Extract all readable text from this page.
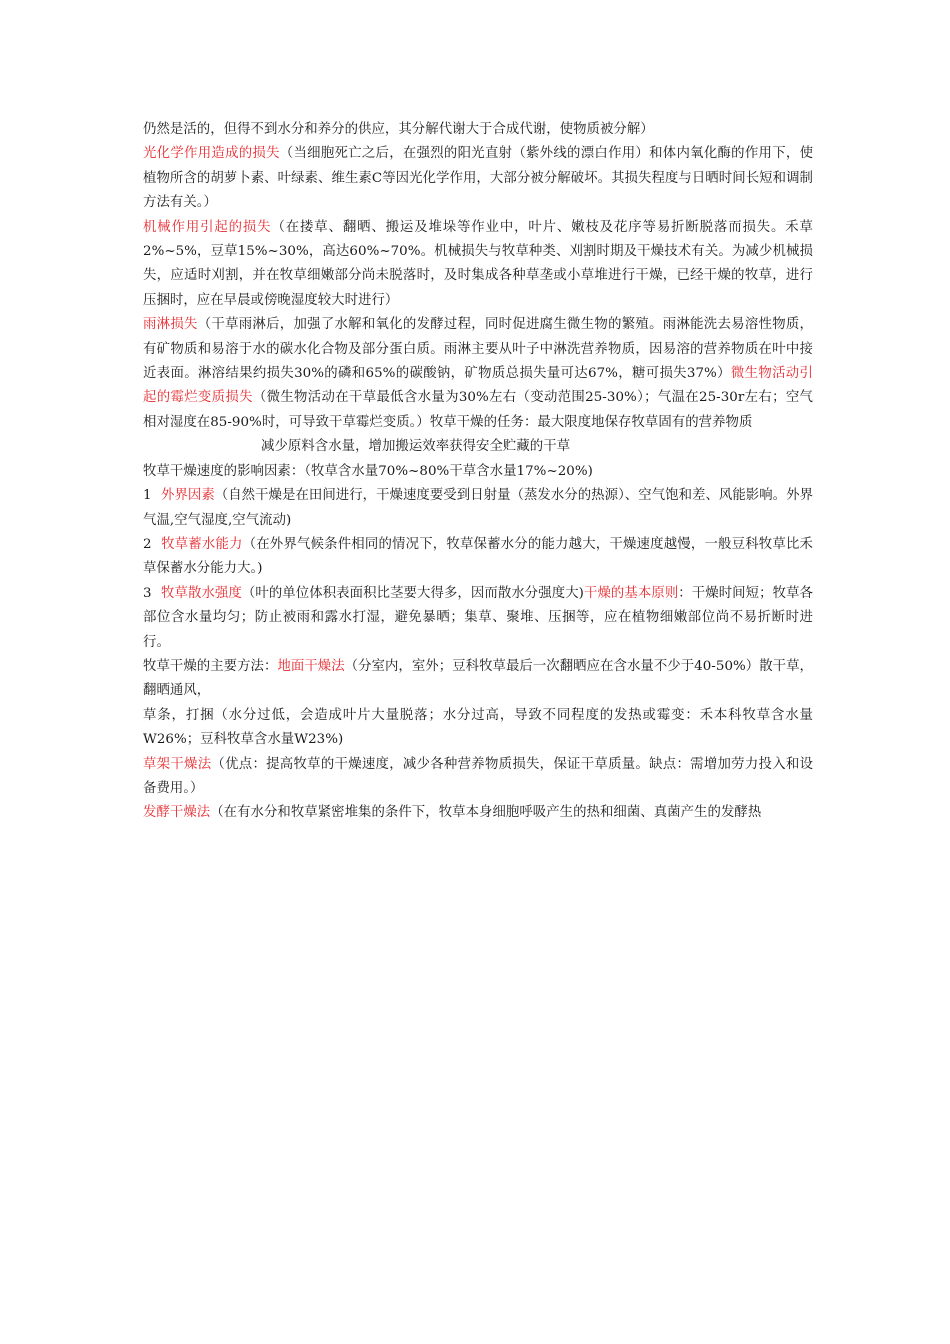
仍然是活的，但得不到水分和养分的供应，其分解代谢大于合成代谢，使物质被分解）

光化学作用造成的损失（当细胞死亡之后，在强烈的阳光直射（紫外线的漂白作用）和体内氧化酶的作用下，使植物所含的胡萝卜素、叶绿素、维生素C等因光化学作用，大部分被分解破坏。其损失程度与日晒时间长短和调制方法有关。）

机械作用引起的损失（在搂草、翻晒、搬运及堆垛等作业中，叶片、嫩枝及花序等易折断脱落而损失。禾草2%~5%，豆草15%~30%，高达60%~70%。机械损失与牧草种类、刈割时期及干燥技术有关。为减少机械损失，应适时刈割，并在牧草细嫩部分尚未脱落时，及时集成各种草垄或小草堆进行干燥，已经干燥的牧草，进行压捆时，应在早晨或傍晚湿度较大时进行）

雨淋损失（干草雨淋后，加强了水解和氧化的发酵过程，同时促进腐生微生物的繁殖。雨淋能洗去易溶性物质，有矿物质和易溶于水的碳水化合物及部分蛋白质。雨淋主要从叶子中淋洗营养物质，因易溶的营养物质在叶中接近表面。淋溶结果约损失30%的磷和65%的碳酸钠，矿物质总损失量可达67%，糖可损失37%）微生物活动引起的霉烂变质损失（微生物活动在干草最低含水量为30%左右（变动范围25-30%）；气温在25-30r左右；空气相对湿度在85-90%时，可导致干草霉烂变质。）牧草干燥的任务：最大限度地保存牧草固有的营养物质

减少原料含水量，增加搬运效率获得安全贮藏的干草

牧草干燥速度的影响因素：（牧草含水量70%~80%干草含水量17%~20%)

1 外界因素（自然干燥是在田间进行，干燥速度要受到日射量（蒸发水分的热源）、空气饱和差、风能影响。外界气温,空气湿度,空气流动)

2 牧草蓄水能力（在外界气候条件相同的情况下，牧草保蓄水分的能力越大，干燥速度越慢，一般豆科牧草比禾草保蓄水分能力大。)

3 牧草散水强度（叶的单位体积表面积比茎要大得多，因而散水分强度大)干燥的基本原则：干燥时间短；牧草各部位含水量均匀；防止被雨和露水打湿，避免暴晒；集草、聚堆、压捆等，应在植物细嫩部位尚不易折断时进行。

牧草干燥的主要方法：地面干燥法（分室内，室外；豆科牧草最后一次翻晒应在含水量不少于40-50%）散干草，翻晒通风，

草条，打捆（水分过低，会造成叶片大量脱落；水分过高，导致不同程度的发热或霉变：禾本科牧草含水量W26%；豆科牧草含水量W23%)

草架干燥法（优点：提高牧草的干燥速度，减少各种营养物质损失，保证干草质量。缺点：需增加劳力投入和设备费用。）

发酵干燥法（在有水分和牧草紧密堆集的条件下，牧草本身细胞呼吸产生的热和细菌、真菌产生的发酵热
